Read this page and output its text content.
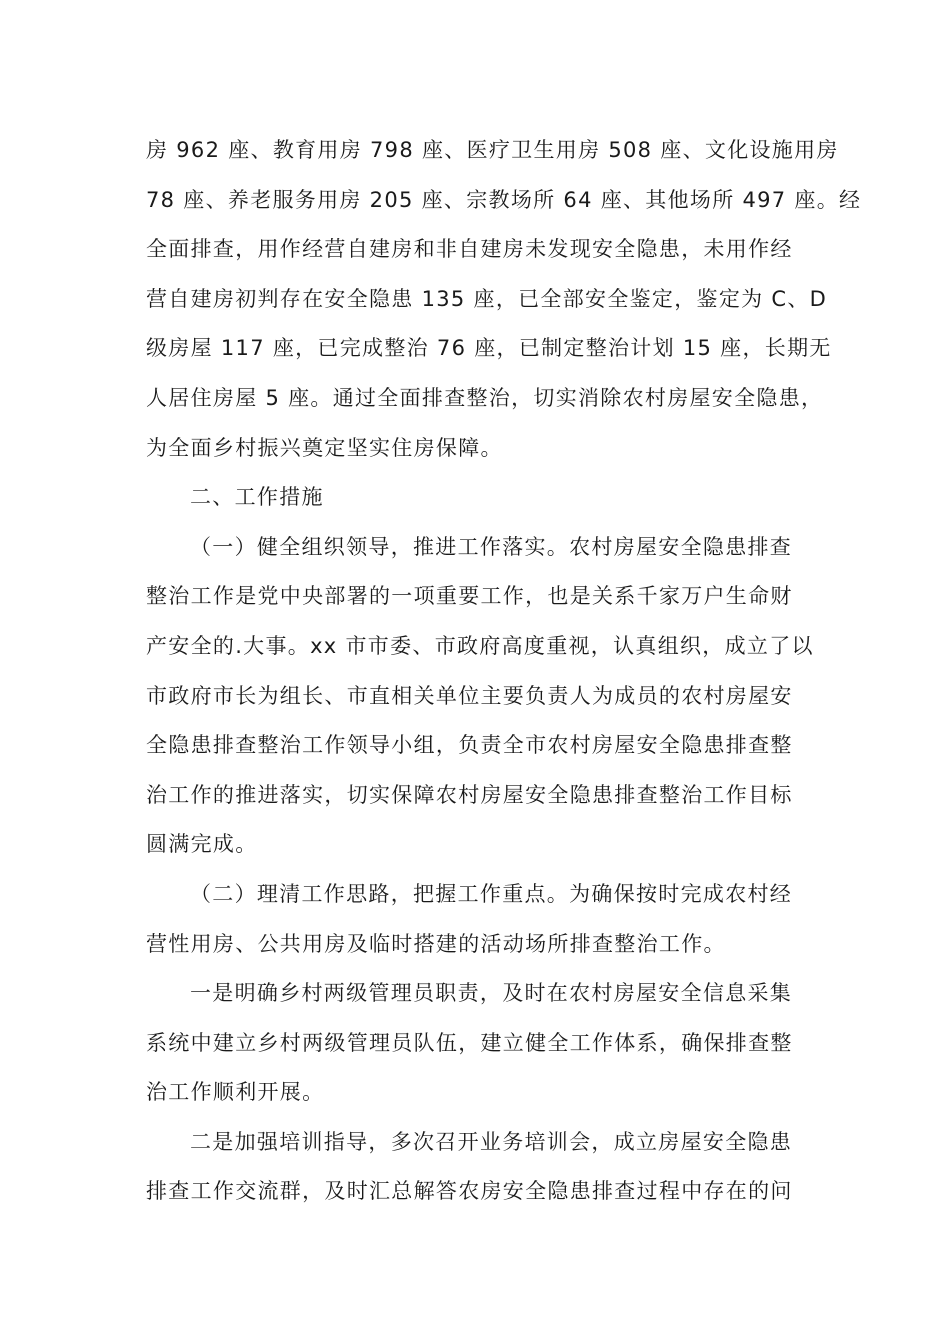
房 962 座、教育用房 798 座、医疗卫生用房 508 座、文化设施用房
78 座、养老服务用房 205 座、宗教场所 64 座、其他场所 497 座。经
全面排查，用作经营自建房和非自建房未发现安全隐患，未用作经
营自建房初判存在安全隐患 135 座，已全部安全鉴定，鉴定为 C、D
级房屋 117 座，已完成整治 76 座，已制定整治计划 15 座，长期无
人居住房屋 5 座。通过全面排查整治，切实消除农村房屋安全隐患，
为全面乡村振兴奠定坚实住房保障。
二、工作措施
（一）健全组织领导，推进工作落实。农村房屋安全隐患排查
整治工作是党中央部署的一项重要工作，也是关系千家万户生命财
产安全的.大事。xx 市市委、市政府高度重视，认真组织，成立了以
市政府市长为组长、市直相关单位主要负责人为成员的农村房屋安
全隐患排查整治工作领导小组，负责全市农村房屋安全隐患排查整
治工作的推进落实，切实保障农村房屋安全隐患排查整治工作目标
圆满完成。
（二）理清工作思路，把握工作重点。为确保按时完成农村经
营性用房、公共用房及临时搭建的活动场所排查整治工作。
一是明确乡村两级管理员职责，及时在农村房屋安全信息采集
系统中建立乡村两级管理员队伍，建立健全工作体系，确保排查整
治工作顺利开展。
二是加强培训指导，多次召开业务培训会，成立房屋安全隐患
排查工作交流群，及时汇总解答农房安全隐患排查过程中存在的问
